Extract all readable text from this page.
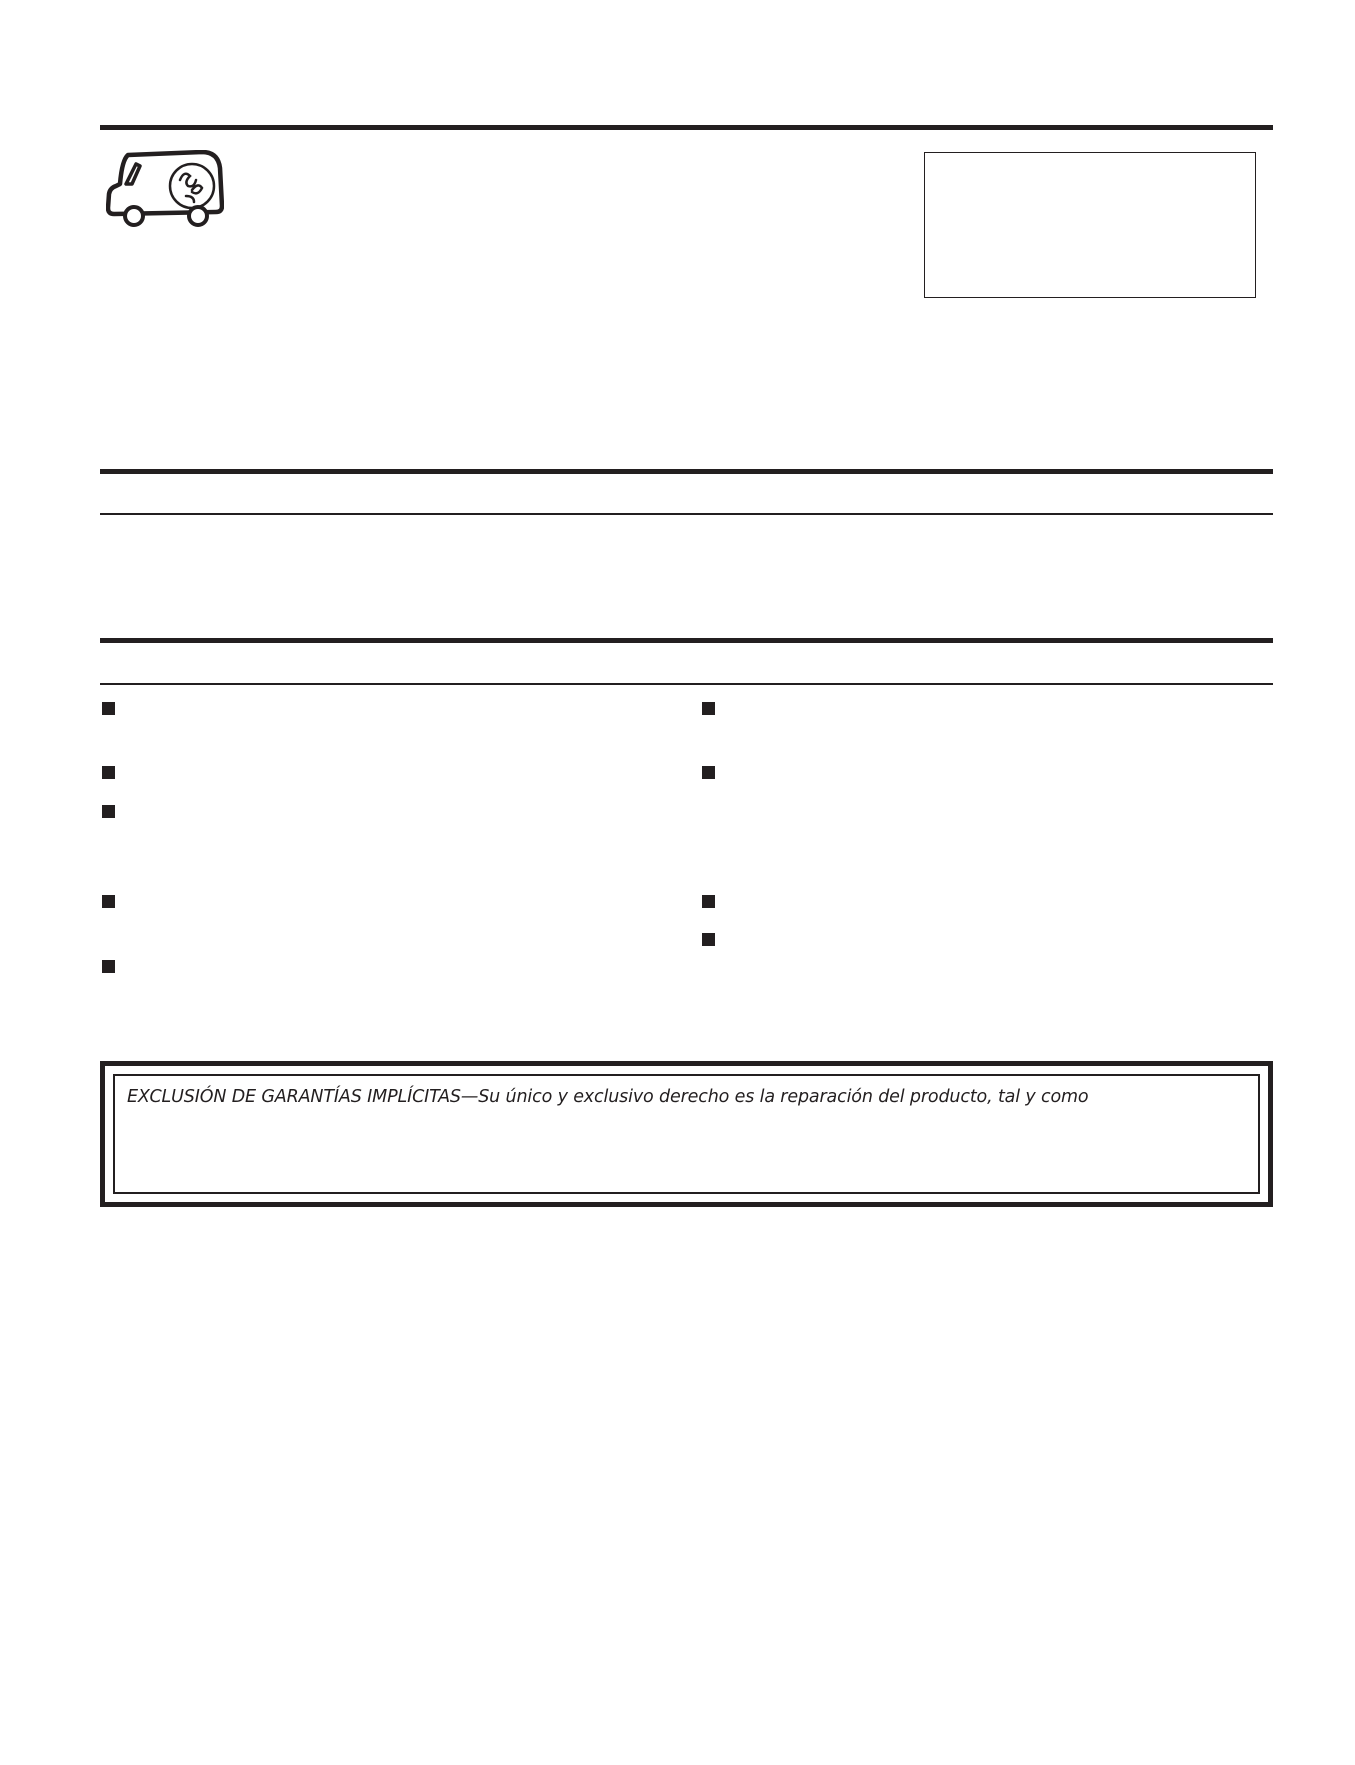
EXCLUSIÓN DE GARANTÍAS IMPLÍCITAS—Su único y exclusivo derecho es la reparación del producto, tal y como
